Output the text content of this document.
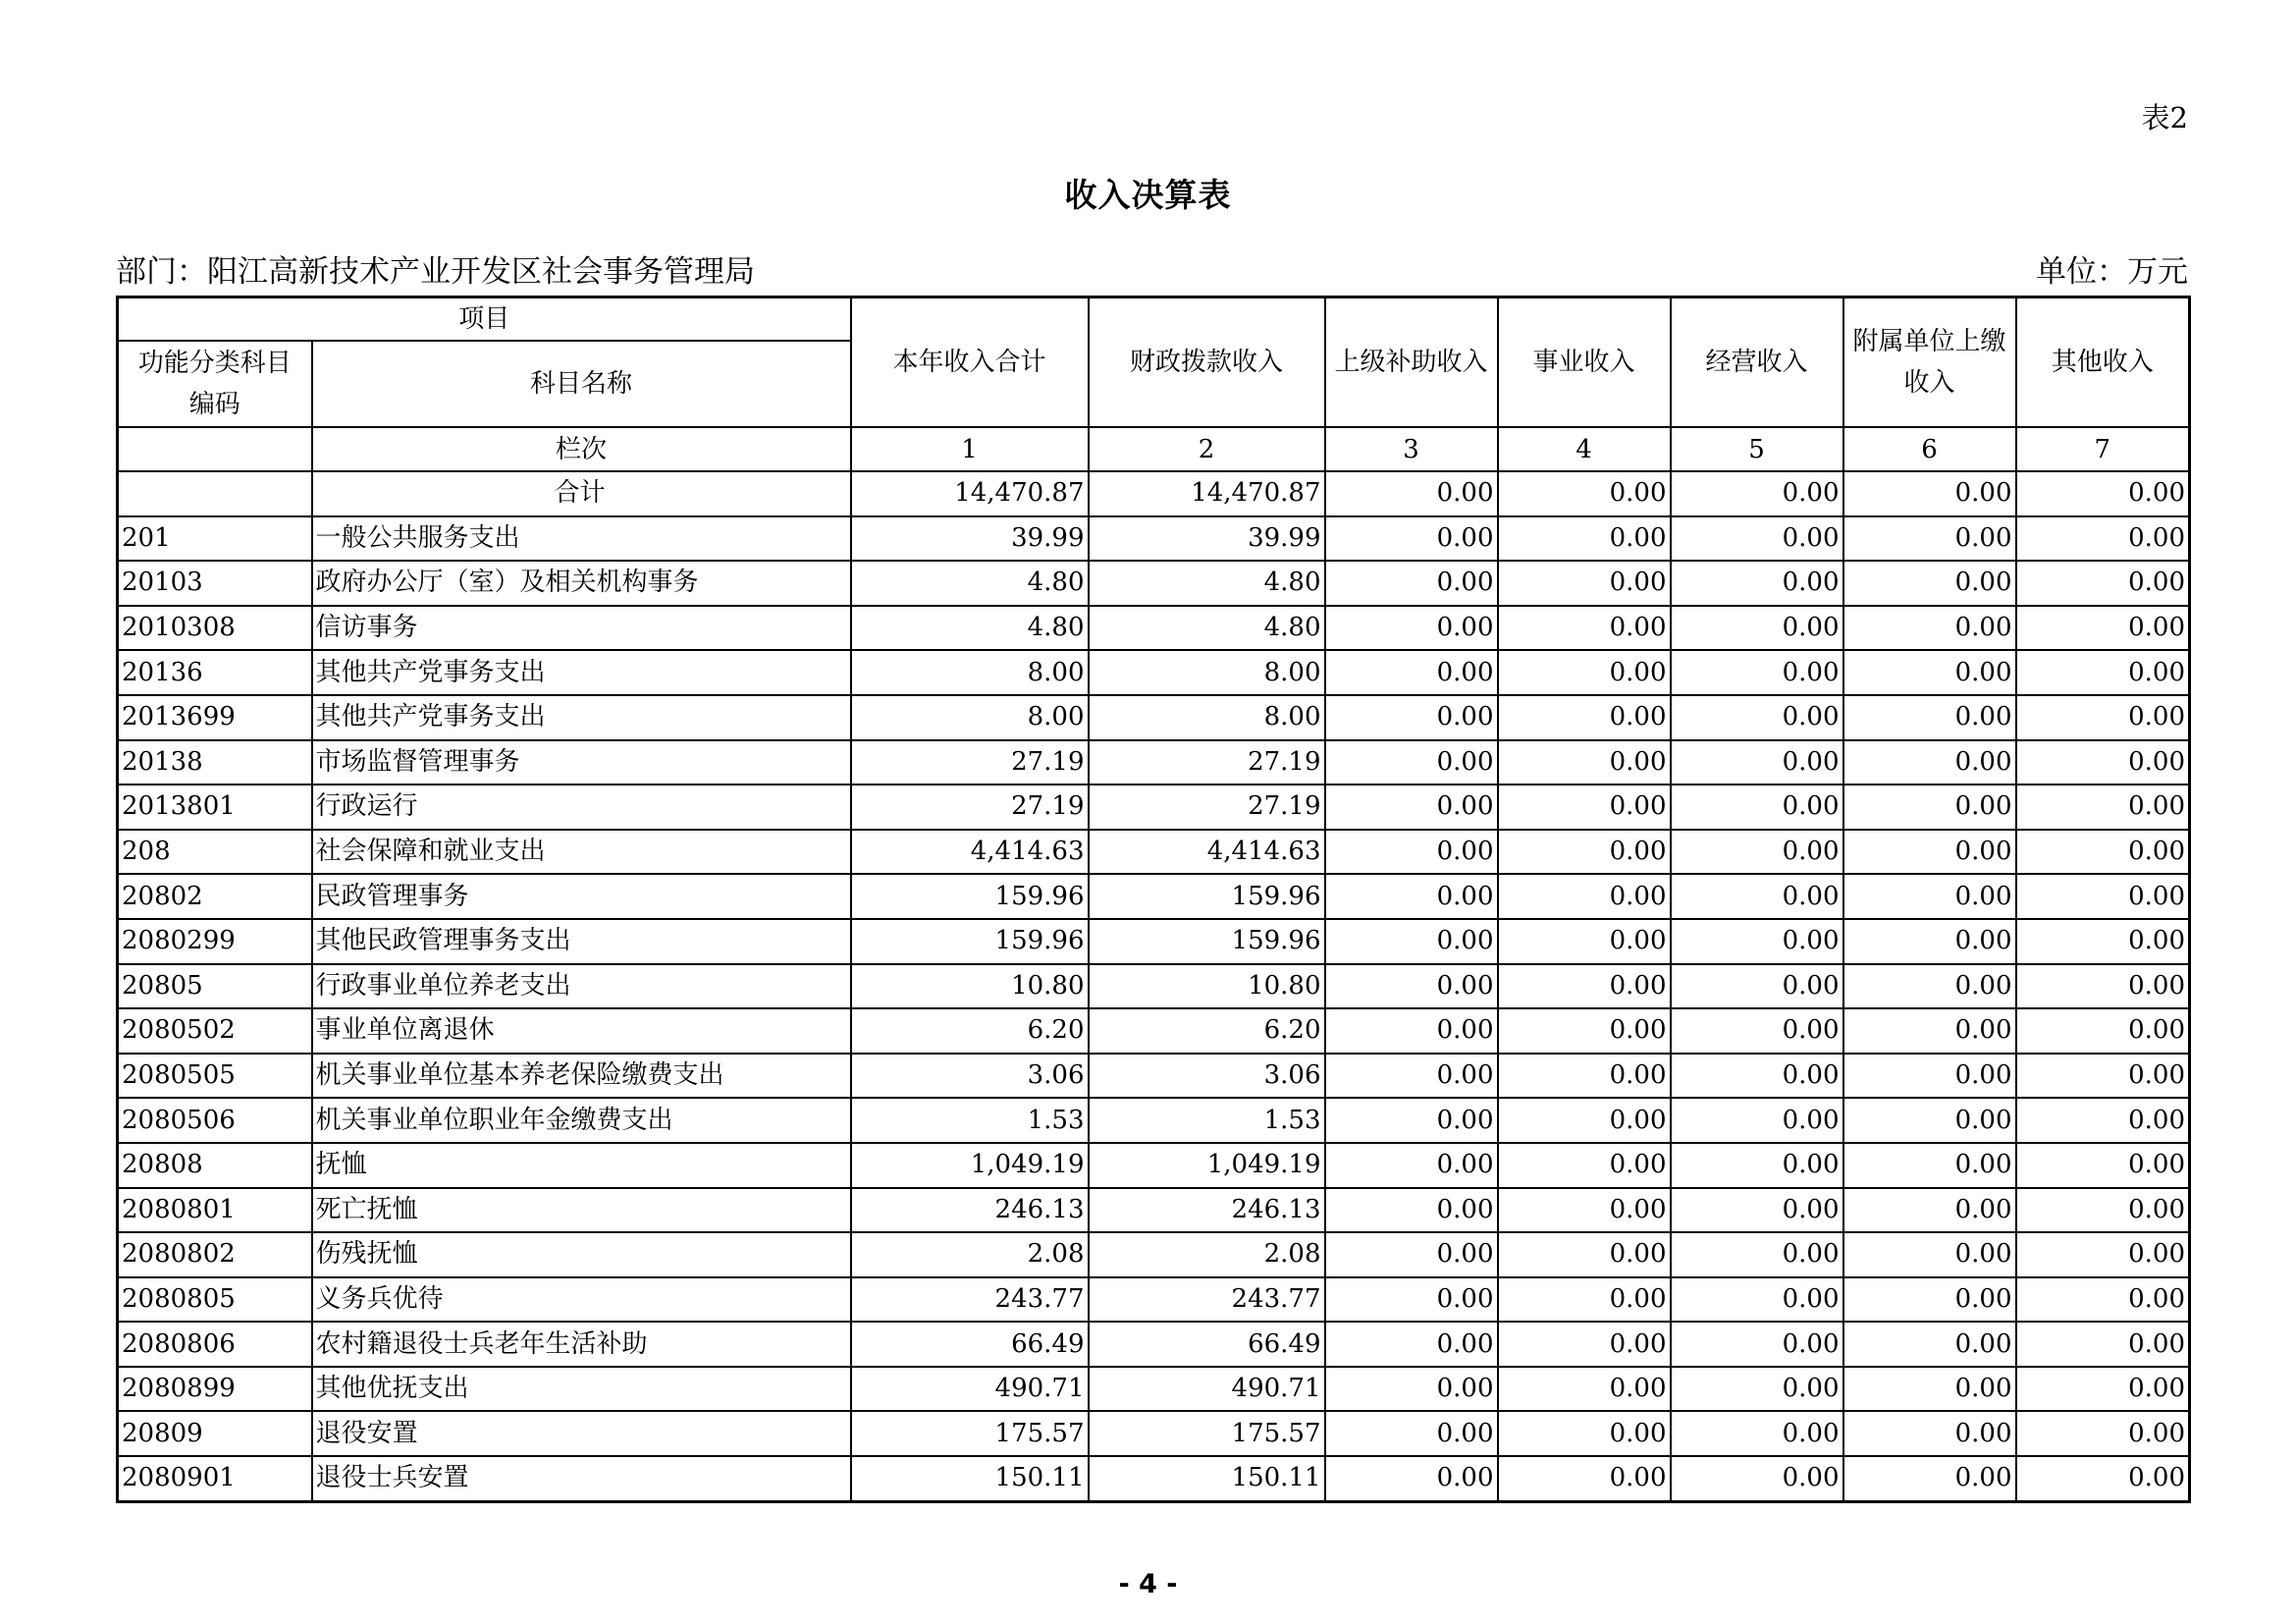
表2
收入决算表
部门：阳江高新技术产业开发区社会事务管理局	单位：万元
项目		本年收入合计	财政拨款收入	上级补助收入	事业收入	经营收入	附属单位上缴收入	其他收入
功能分类科目编码	科目名称							
	栏次	1	2	3	4	5	6	7
	合计	14,470.87	14,470.87	0.00	0.00	0.00	0.00	0.00
201	一般公共服务支出	39.99	39.99	0.00	0.00	0.00	0.00	0.00
20103	政府办公厅（室）及相关机构事务	4.80	4.80	0.00	0.00	0.00	0.00	0.00
2010308	信访事务	4.80	4.80	0.00	0.00	0.00	0.00	0.00
20136	其他共产党事务支出	8.00	8.00	0.00	0.00	0.00	0.00	0.00
2013699	其他共产党事务支出	8.00	8.00	0.00	0.00	0.00	0.00	0.00
20138	市场监督管理事务	27.19	27.19	0.00	0.00	0.00	0.00	0.00
2013801	行政运行	27.19	27.19	0.00	0.00	0.00	0.00	0.00
208	社会保障和就业支出	4,414.63	4,414.63	0.00	0.00	0.00	0.00	0.00
20802	民政管理事务	159.96	159.96	0.00	0.00	0.00	0.00	0.00
2080299	其他民政管理事务支出	159.96	159.96	0.00	0.00	0.00	0.00	0.00
20805	行政事业单位养老支出	10.80	10.80	0.00	0.00	0.00	0.00	0.00
2080502	事业单位离退休	6.20	6.20	0.00	0.00	0.00	0.00	0.00
2080505	机关事业单位基本养老保险缴费支出	3.06	3.06	0.00	0.00	0.00	0.00	0.00
2080506	机关事业单位职业年金缴费支出	1.53	1.53	0.00	0.00	0.00	0.00	0.00
20808	抚恤	1,049.19	1,049.19	0.00	0.00	0.00	0.00	0.00
2080801	死亡抚恤	246.13	246.13	0.00	0.00	0.00	0.00	0.00
2080802	伤残抚恤	2.08	2.08	0.00	0.00	0.00	0.00	0.00
2080805	义务兵优待	243.77	243.77	0.00	0.00	0.00	0.00	0.00
2080806	农村籍退役士兵老年生活补助	66.49	66.49	0.00	0.00	0.00	0.00	0.00
2080899	其他优抚支出	490.71	490.71	0.00	0.00	0.00	0.00	0.00
20809	退役安置	175.57	175.57	0.00	0.00	0.00	0.00	0.00
2080901	退役士兵安置	150.11	150.11	0.00	0.00	0.00	0.00	0.00
- 4 -
